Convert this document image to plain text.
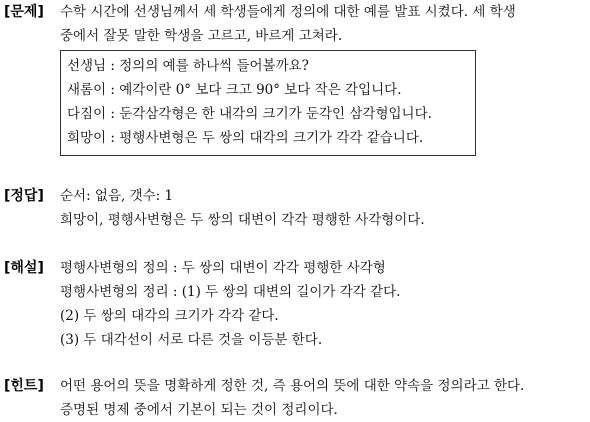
[문제] 수학 시간에 선생님께서 세 학생들에게 정의에 대한 예를 발표 시켰다. 세 학생
중에서 잘못 말한 학생을 고르고, 바르게 고쳐라.
선생님 : 정의의 예를 하나씩 들어볼까요?
새롬이 : 예각이란 0° 보다 크고 90° 보다 작은 각입니다.
다짐이 : 둔각삼각형은 한 내각의 크기가 둔각인 삼각형입니다.
희망이 : 평행사변형은 두 쌍의 대각의 크기가 각각 같습니다.
[정답] 순서: 없음, 갯수: 1
희망이, 평행사변형은 두 쌍의 대변이 각각 평행한 사각형이다.
[해설] 평행사변형의 정의 : 두 쌍의 대변이 각각 평행한 사각형
평행사변형의 정리 : (1) 두 쌍의 대변의 길이가 각각 같다.
(2) 두 쌍의 대각의 크기가 각각 같다.
(3) 두 대각선이 서로 다른 것을 이등분 한다.
[힌트] 어떤 용어의 뜻을 명확하게 정한 것, 즉 용어의 뜻에 대한 약속을 정의라고 한다.
증명된 명제 중에서 기본이 되는 것이 정리이다.
